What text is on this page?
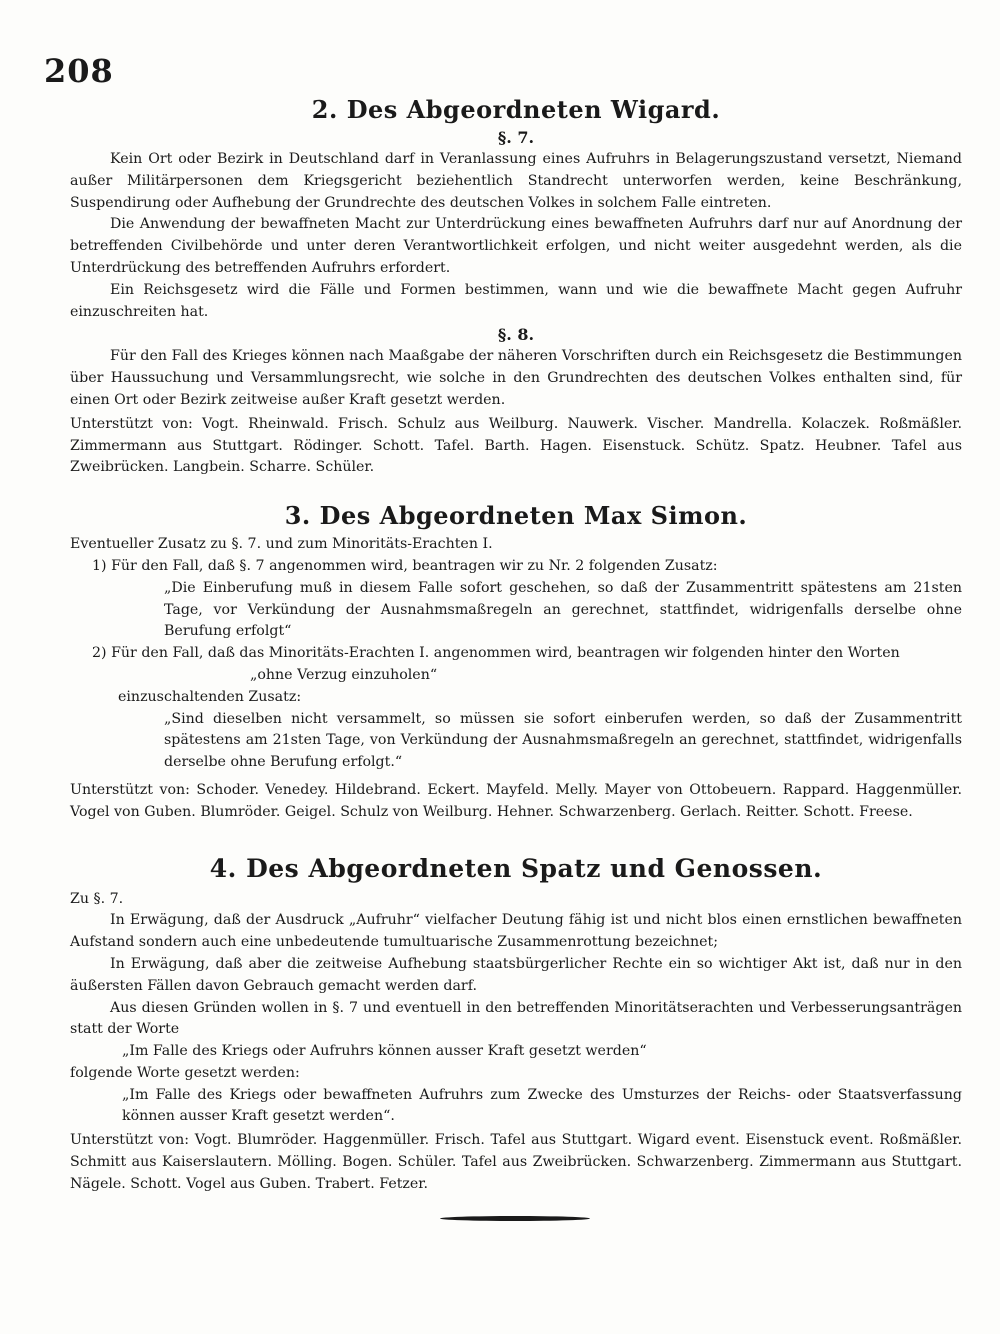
208
2. Des Abgeordneten Wigard.
§. 7.

Kein Ort oder Bezirk in Deutschland darf in Veranlassung eines Aufruhrs in Belagerungszustand versetzt, Niemand außer Militärpersonen dem Kriegsgericht beziehentlich Standrecht unterworfen werden, keine Beschränkung, Suspendirung oder Aufhebung der Grundrechte des deutschen Volkes in solchem Falle eintreten.

Die Anwendung der bewaffneten Macht zur Unterdrückung eines bewaffneten Aufruhrs darf nur auf Anordnung der betreffenden Civilbehörde und unter deren Verantwortlichkeit erfolgen, und nicht weiter ausgedehnt werden, als die Unterdrückung des betreffenden Aufruhrs erfordert.

Ein Reichsgesetz wird die Fälle und Formen bestimmen, wann und wie die bewaffnete Macht gegen Aufruhr einzuschreiten hat.

§. 8.

Für den Fall des Krieges können nach Maaßgabe der näheren Vorschriften durch ein Reichsgesetz die Bestimmungen über Haussuchung und Versammlungsrecht, wie solche in den Grundrechten des deutschen Volkes enthalten sind, für einen Ort oder Bezirk zeitweise außer Kraft gesetzt werden.

Unterstützt von: Vogt. Rheinwald. Frisch. Schulz aus Weilburg. Nauwerk. Vischer. Mandrella. Kolaczek. Roßmäßler. Zimmermann aus Stuttgart. Rödinger. Schott. Tafel. Barth. Hagen. Eisenstuck. Schütz. Spatz. Heubner. Tafel aus Zweibrücken. Langbein. Scharre. Schüler.

3. Des Abgeordneten Max Simon.

Eventueller Zusatz zu §. 7. und zum Minoritäts-Erachten I.

1) Für den Fall, daß §. 7 angenommen wird, beantragen wir zu Nr. 2 folgenden Zusatz:

„Die Einberufung muß in diesem Falle sofort geschehen, so daß der Zusammentritt spätestens am 21sten Tage, vor Verkündung der Ausnahmsmaßregeln an gerechnet, stattfindet, widrigenfalls derselbe ohne Berufung erfolgt“

2) Für den Fall, daß das Minoritäts-Erachten I. angenommen wird, beantragen wir folgenden hinter den Worten

„ohne Verzug einzuholen“

einzuschaltenden Zusatz:

„Sind dieselben nicht versammelt, so müssen sie sofort einberufen werden, so daß der Zusammentritt spätestens am 21sten Tage, von Verkündung der Ausnahmsmaßregeln an gerechnet, stattfindet, widrigenfalls derselbe ohne Berufung erfolgt.“

Unterstützt von: Schoder. Venedey. Hildebrand. Eckert. Mayfeld. Melly. Mayer von Ottobeuern. Rappard. Haggenmüller. Vogel von Guben. Blumröder. Geigel. Schulz von Weilburg. Hehner. Schwarzenberg. Gerlach. Reitter. Schott. Freese.

4. Des Abgeordneten Spatz und Genossen.

Zu §. 7.

In Erwägung, daß der Ausdruck „Aufruhr“ vielfacher Deutung fähig ist und nicht blos einen ernstlichen bewaffneten Aufstand sondern auch eine unbedeutende tumultuarische Zusammenrottung bezeichnet;

In Erwägung, daß aber die zeitweise Aufhebung staatsbürgerlicher Rechte ein so wichtiger Akt ist, daß nur in den äußersten Fällen davon Gebrauch gemacht werden darf.

Aus diesen Gründen wollen in §. 7 und eventuell in den betreffenden Minoritätserachten und Verbesserungsanträgen statt der Worte

„Im Falle des Kriegs oder Aufruhrs können ausser Kraft gesetzt werden“

folgende Worte gesetzt werden:

„Im Falle des Kriegs oder bewaffneten Aufruhrs zum Zwecke des Umsturzes der Reichs- oder Staatsverfassung können ausser Kraft gesetzt werden“.

Unterstützt von: Vogt. Blumröder. Haggenmüller. Frisch. Tafel aus Stuttgart. Wigard event. Eisenstuck event. Roßmäßler. Schmitt aus Kaiserslautern. Mölling. Bogen. Schüler. Tafel aus Zweibrücken. Schwarzenberg. Zimmermann aus Stuttgart. Nägele. Schott. Vogel aus Guben. Trabert. Fetzer.
